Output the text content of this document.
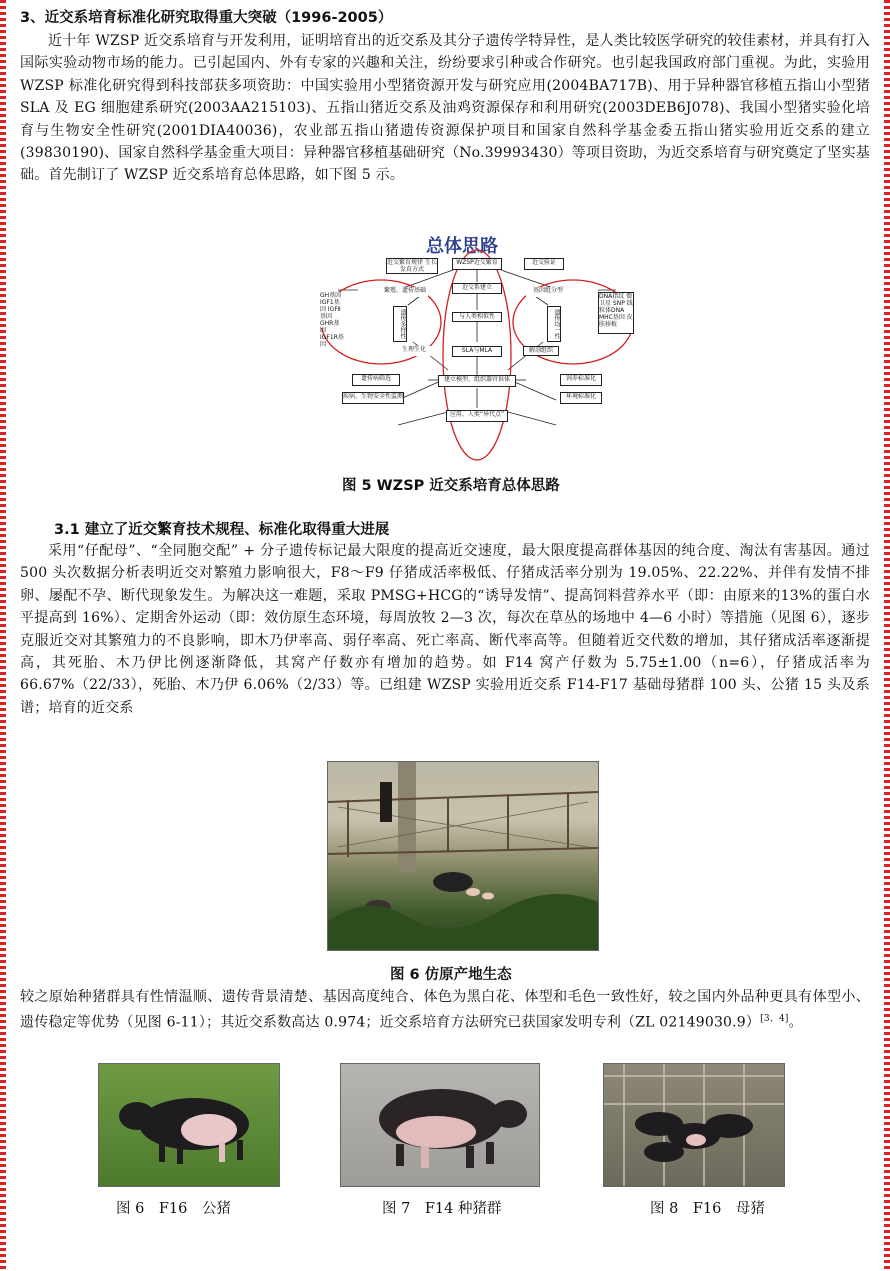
3、近交系培育标准化研究取得重大突破（1996-2005）
近十年 WZSP 近交系培育与开发利用，证明培育出的近交系及其分子遗传学特异性，是人类比较医学研究的较佳素材，并具有打入国际实验动物市场的能力。已引起国内、外有专家的兴趣和关注，纷纷要求引种或合作研究。也引起我国政府部门重视。为此，实验用 WZSP 标准化研究得到科技部获多项资助：中国实验用小型猪资源开发与研究应用(2004BA717B)、用于异种器官移植五指山小型猪 SLA 及 EG 细胞建系研究(2003AA215103)、五指山猪近交系及油鸡资源保存和利用研究(2003DEB6J078)、我国小型猪实验化培育与生物安全性研究(2001DIA40036)，农业部五指山猪遗传资源保护项目和国家自然科学基金委五指山猪实验用近交系的建立(39830190)、国家自然科学基金重大项目：异种器官移植基础研究（No.39993430）等项目资助，为近交系培育与研究奠定了坚实基础。首先制订了 WZSP 近交系培育总体思路，如下图 5 示。
总体思路
近交繁育规律 生长发育方式
WZSP近交繁育	近交验证
繁殖、遗传基础	近交系建立	基因组分型
GH基因 IGF1基因 IGFⅡ基因 GHR基因 IGF1R基因
遗传多样性	与人类相似性	遗传均一性
DNA指纹 微卫星 SNP 线粒体DNA MHC基因 皮肤移植
生理生化	SLA与MLA	解剖组织
遗传病筛选	建立模型、组织器官供体	饲养标准化
疾病、生物安全性监测	环境标准化
应用、人类“异代点”
图 5 WZSP 近交系培育总体思路
3.1 建立了近交繁育技术规程、标准化取得重大进展
采用“仔配母”、“全同胞交配” + 分子遗传标记最大限度的提高近交速度，最大限度提高群体基因的纯合度、淘汰有害基因。通过 500 头次数据分析表明近交对繁殖力影响很大，F8～F9 仔猪成活率极低、仔猪成活率分别为 19.05%、22.22%、并伴有发情不排卵、屡配不孕、断代现象发生。为解决这一难题，采取 PMSG+HCG的“诱导发情”、提高饲料营养水平（即：由原来的13%的蛋白水平提高到 16%）、定期舍外运动（即：效仿原生态环境，每周放牧 2—3 次，每次在草丛的场地中 4—6 小时）等措施（见图 6），逐步克服近交对其繁殖力的不良影响，即木乃伊率高、弱仔率高、死亡率高、断代率高等。但随着近交代数的增加，其仔猪成活率逐渐提高，其死胎、木乃伊比例逐渐降低，其窝产仔数亦有增加的趋势。如 F14 窝产仔数为 5.75±1.00（n=6），仔猪成活率为 66.67%（22/33），死胎、木乃伊 6.06%（2/33）等。已组建 WZSP 实验用近交系 F14-F17 基础母猪群 100 头、公猪 15 头及系谱；培育的近交系
图 6 仿原产地生态
较之原始种猪群具有性情温顺、遗传背景清楚、基因高度纯合、体色为黑白花、体型和毛色一致性好，较之国内外品种更具有体型小、遗传稳定等优势（见图 6-11）；其近交系数高达 0.974；近交系培育方法研究已获国家发明专利（ZL 02149030.9）[3、4]。
图 6　F16　公猪	图 7　F14 种猪群	图 8　F16　母猪
